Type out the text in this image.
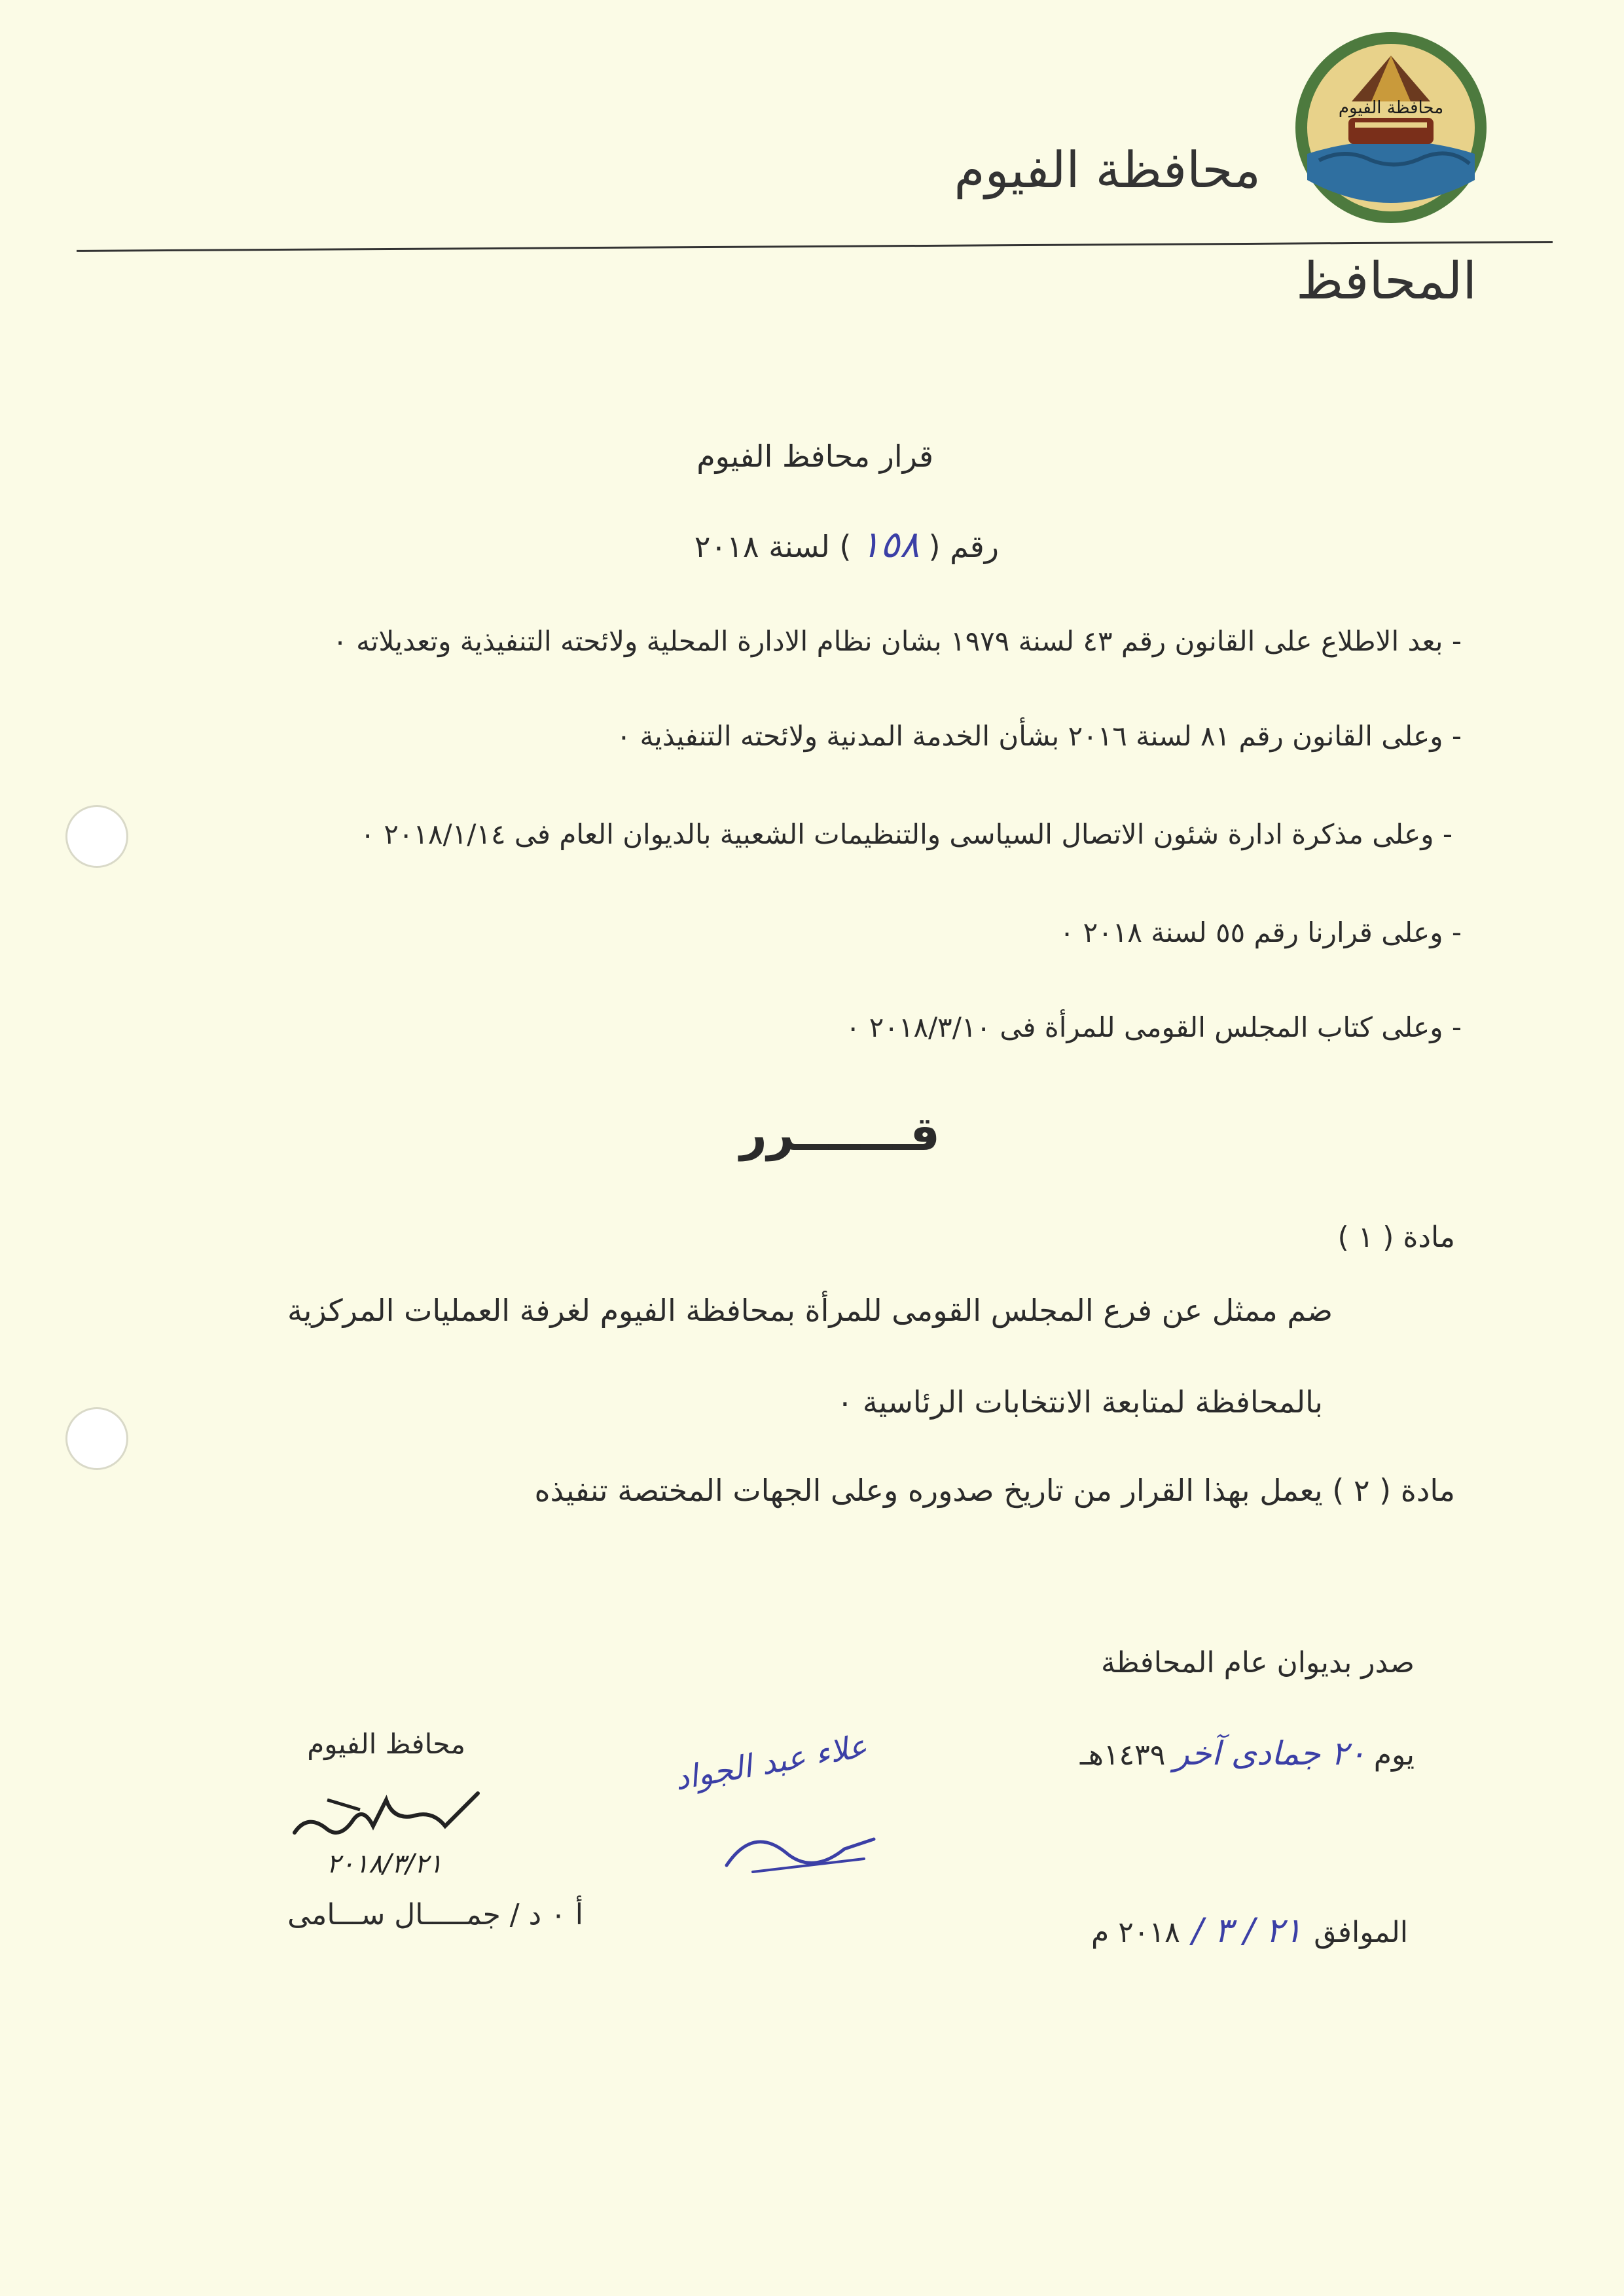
محافظة الفيوم
محافظة الفيوم
المحافظ
قرار محافظ الفيوم
رقم (١٥٨) لسنة ٢٠١٨
- بعد الاطلاع على القانون رقم ٤٣ لسنة ١٩٧٩ بشان نظام الادارة المحلية ولائحته التنفيذية وتعديلاته ٠
- وعلى القانون رقم ٨١ لسنة ٢٠١٦ بشأن الخدمة المدنية ولائحته التنفيذية ٠
- وعلى مذكرة ادارة شئون الاتصال السياسى والتنظيمات الشعبية بالديوان العام فى ٢٠١٨/١/١٤ ٠
- وعلى قرارنا رقم ٥٥ لسنة ٢٠١٨ ٠
- وعلى كتاب المجلس القومى للمرأة فى ٢٠١٨/٣/١٠ ٠
قـــــــرر
مادة ( ١ )
ضم ممثل عن فرع المجلس القومى للمرأة بمحافظة الفيوم لغرفة العمليات المركزية
بالمحافظة لمتابعة الانتخابات الرئاسية ٠
مادة ( ٢ ) يعمل بهذا القرار من تاريخ صدوره وعلى الجهات المختصة تنفيذه
صدر بديوان عام المحافظة
يوم٢٠ جمادى آخر١٤٣٩هـ
الموافق٢١ / ٣ /٢٠١٨ م
محافظ الفيوم
٢٠١٨/٣/٢١
أ ٠ د / جمـــــال ســـامى
علاء عبد الجواد
